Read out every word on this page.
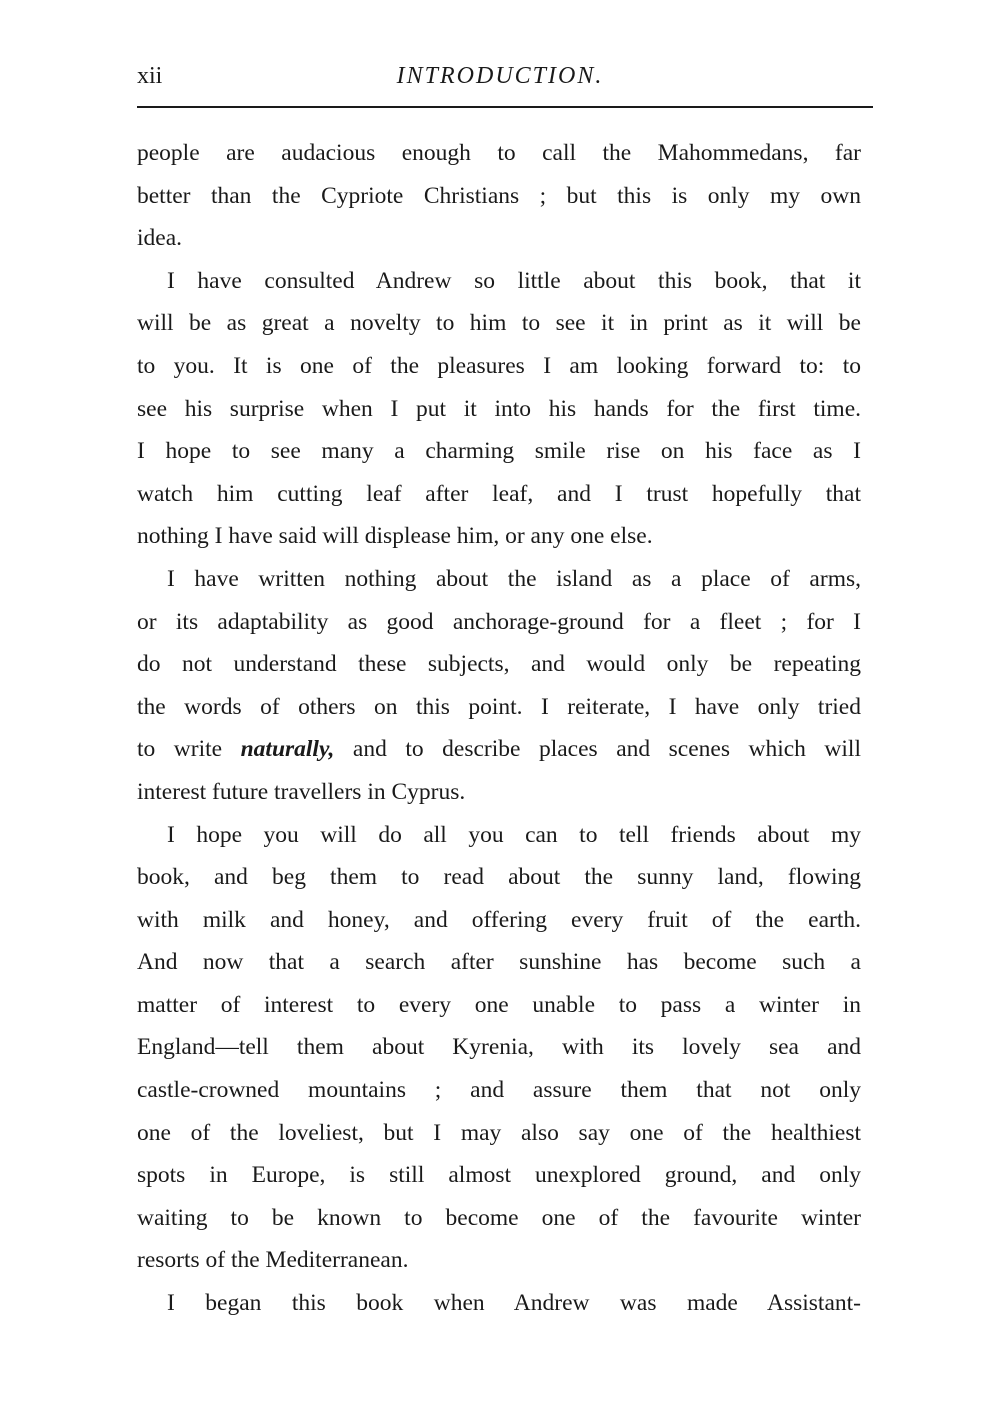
xii	INTRODUCTION.
people are audacious enough to call the Mahommedans, far
better than the Cypriote Christians ; but this is only my own
idea.
I have consulted Andrew so little about this book, that it
will be as great a novelty to him to see it in print as it will be
to you. It is one of the pleasures I am looking forward to: to
see his surprise when I put it into his hands for the first time.
I hope to see many a charming smile rise on his face as I
watch him cutting leaf after leaf, and I trust hopefully that
nothing I have said will displease him, or any one else.
I have written nothing about the island as a place of arms,
or its adaptability as good anchorage-ground for a fleet ; for I
do not understand these subjects, and would only be repeating
the words of others on this point. I reiterate, I have only tried
to write naturally, and to describe places and scenes which will
interest future travellers in Cyprus.
I hope you will do all you can to tell friends about my
book, and beg them to read about the sunny land, flowing
with milk and honey, and offering every fruit of the earth.
And now that a search after sunshine has become such a
matter of interest to every one unable to pass a winter in
England—tell them about Kyrenia, with its lovely sea and
castle-crowned mountains ; and assure them that not only
one of the loveliest, but I may also say one of the healthiest
spots in Europe, is still almost unexplored ground, and only
waiting to be known to become one of the favourite winter
resorts of the Mediterranean.
I began this book when Andrew was made Assistant-
